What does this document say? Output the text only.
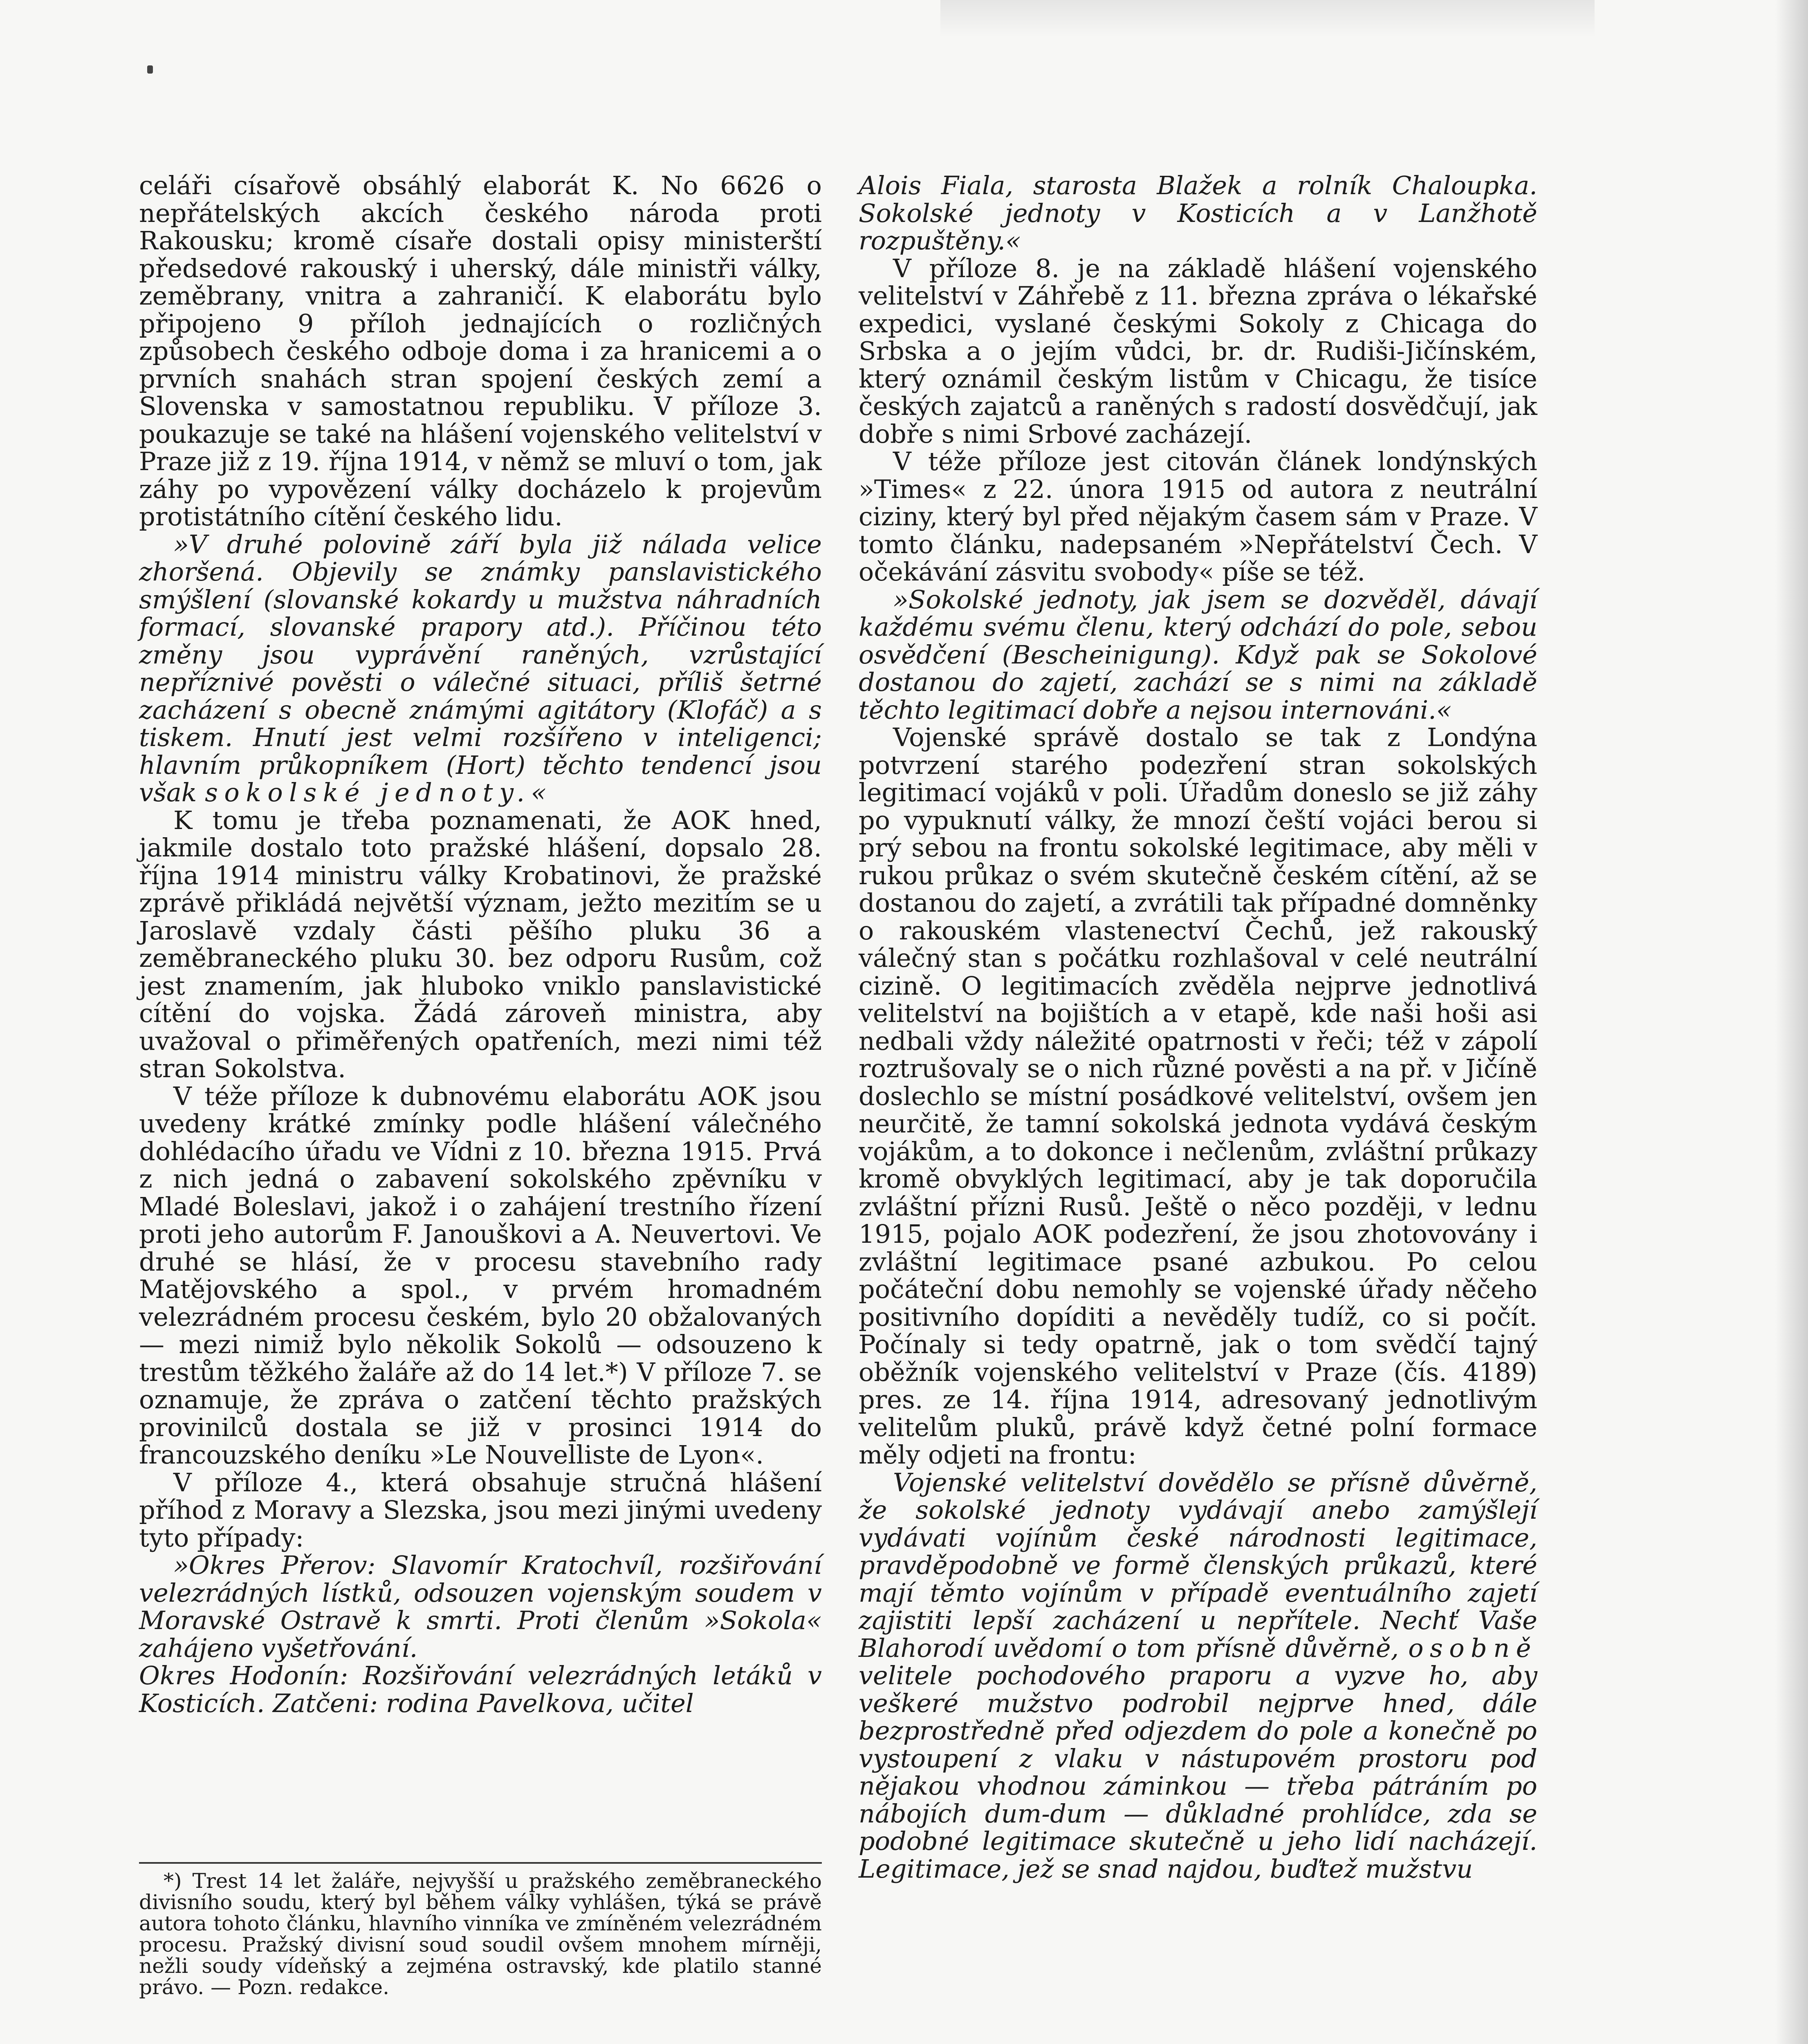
celáři císařově obsáhlý elaborát K. No 6626 o nepřátelských akcích českého národa proti Rakousku; kromě císaře dostali opisy ministerští předsedové rakouský i uherský, dále ministři války, zeměbrany, vnitra a zahraničí. K elaborátu bylo připojeno 9 příloh jednajících o rozličných způsobech českého odboje doma i za hranicemi a o prvních snahách stran spojení českých zemí a Slovenska v samostatnou republiku. V příloze 3. poukazuje se také na hlášení vojenského velitelství v Praze již z 19. října 1914, v němž se mluví o tom, jak záhy po vypovězení války docházelo k projevům protistátního cítění českého lidu.

»V druhé polovině září byla již nálada velice zhoršená. Objevily se známky panslavistického smýšlení (slovanské kokardy u mužstva náhradních formací, slovanské prapory atd.). Příčinou této změny jsou vyprávění raněných, vzrůstající nepříznivé pověsti o válečné situaci, příliš šetrné zacházení s obecně známými agitátory (Klofáč) a s tiskem. Hnutí jest velmi rozšířeno v inteligenci; hlavním průkopníkem (Hort) těchto tendencí jsou však sokolské jednoty.«

K tomu je třeba poznamenati, že AOK hned, jakmile dostalo toto pražské hlášení, dopsalo 28. října 1914 ministru války Krobatinovi, že pražské zprávě přikládá největší význam, ježto mezitím se u Jaroslavě vzdaly části pěšího pluku 36 a zeměbraneckého pluku 30. bez odporu Rusům, což jest znamením, jak hluboko vniklo panslavistické cítění do vojska. Žádá zároveň ministra, aby uvažoval o přiměřených opatřeních, mezi nimi též stran Sokolstva.

V téže příloze k dubnovému elaborátu AOK jsou uvedeny krátké zmínky podle hlášení válečného dohlédacího úřadu ve Vídni z 10. března 1915. Prvá z nich jedná o zabavení sokolského zpěvníku v Mladé Boleslavi, jakož i o zahájení trestního řízení proti jeho autorům F. Janouškovi a A. Neuvertovi. Ve druhé se hlásí, že v procesu stavebního rady Matějovského a spol., v prvém hromadném velezrádném procesu českém, bylo 20 obžalovaných — mezi nimiž bylo několik Sokolů — odsouzeno k trestům těžkého žaláře až do 14 let.*) V příloze 7. se oznamuje, že zpráva o zatčení těchto pražských provinilců dostala se již v prosinci 1914 do francouzského deníku »Le Nouvelliste de Lyon«.

V příloze 4., která obsahuje stručná hlášení příhod z Moravy a Slezska, jsou mezi jinými uvedeny tyto případy:

»Okres Přerov: Slavomír Kratochvíl, rozšiřování velezrádných lístků, odsouzen vojenským soudem v Moravské Ostravě k smrti. Proti členům »Sokola« zahájeno vyšetřování.

Okres Hodonín: Rozšiřování velezrádných letáků v Kosticích. Zatčeni: rodina Pavelkova, učitel

Alois Fiala, starosta Blažek a rolník Chaloupka. Sokolské jednoty v Kosticích a v Lanžhotě rozpuštěny.«

V příloze 8. je na základě hlášení vojenského velitelství v Záhřebě z 11. března zpráva o lékařské expedici, vyslané českými Sokoly z Chicaga do Srbska a o jejím vůdci, br. dr. Rudiši-Jičínském, který oznámil českým listům v Chicagu, že tisíce českých zajatců a raněných s radostí dosvědčují, jak dobře s nimi Srbové zacházejí.

V téže příloze jest citován článek londýnských »Times« z 22. února 1915 od autora z neutrální ciziny, který byl před nějakým časem sám v Praze. V tomto článku, nadepsaném »Nepřátelství Čech. V očekávání zásvitu svobody« píše se též.

»Sokolské jednoty, jak jsem se dozvěděl, dávají každému svému členu, který odchází do pole, sebou osvědčení (Bescheinigung). Když pak se Sokolové dostanou do zajetí, zachází se s nimi na základě těchto legitimací dobře a nejsou internováni.«

Vojenské správě dostalo se tak z Londýna potvrzení starého podezření stran sokolských legitimací vojáků v poli. Úřadům doneslo se již záhy po vypuknutí války, že mnozí čeští vojáci berou si prý sebou na frontu sokolské legitimace, aby měli v rukou průkaz o svém skutečně českém cítění, až se dostanou do zajetí, a zvrátili tak případné domněnky o rakouském vlastenectví Čechů, jež rakouský válečný stan s počátku rozhlašoval v celé neutrální cizině. O legitimacích zvěděla nejprve jednotlivá velitelství na bojištích a v etapě, kde naši hoši asi nedbali vždy náležité opatrnosti v řeči; též v zápolí roztrušovaly se o nich různé pověsti a na př. v Jičíně doslechlo se místní posádkové velitelství, ovšem jen neurčitě, že tamní sokolská jednota vydává českým vojákům, a to dokonce i nečlenům, zvláštní průkazy kromě obvyklých legitimací, aby je tak doporučila zvláštní přízni Rusů. Ještě o něco později, v lednu 1915, pojalo AOK podezření, že jsou zhotovovány i zvláštní legitimace psané azbukou. Po celou počáteční dobu nemohly se vojenské úřady něčeho positivního dopíditi a nevěděly tudíž, co si počít. Počínaly si tedy opatrně, jak o tom svědčí tajný oběžník vojenského velitelství v Praze (čís. 4189) pres. ze 14. října 1914, adresovaný jednotlivým velitelům pluků, právě když četné polní formace měly odjeti na frontu:

Vojenské velitelství dovědělo se přísně důvěrně, že sokolské jednoty vydávají anebo zamýšlejí vydávati vojínům české národnosti legitimace, pravděpodobně ve formě členských průkazů, které mají těmto vojínům v případě eventuálního zajetí zajistiti lepší zacházení u nepřítele. Nechť Vaše Blahorodí uvědomí o tom přísně důvěrně, osobně velitele pochodového praporu a vyzve ho, aby veškeré mužstvo podrobil nejprve hned, dále bezprostředně před odjezdem do pole a konečně po vystoupení z vlaku v nástupovém prostoru pod nějakou vhodnou záminkou — třeba pátráním po nábojích dum-dum — důkladné prohlídce, zda se podobné legitimace skutečně u jeho lidí nacházejí. Legitimace, jež se snad najdou, buďtež mužstvu

*) Trest 14 let žaláře, nejvyšší u pražského zeměbraneckého divisního soudu, který byl během války vyhlášen, týká se právě autora tohoto článku, hlavního vinníka ve zmíněném velezrádném procesu. Pražský divisní soud soudil ovšem mnohem mírněji, nežli soudy vídeňský a zejména ostravský, kde platilo stanné právo. — Pozn. redakce.
